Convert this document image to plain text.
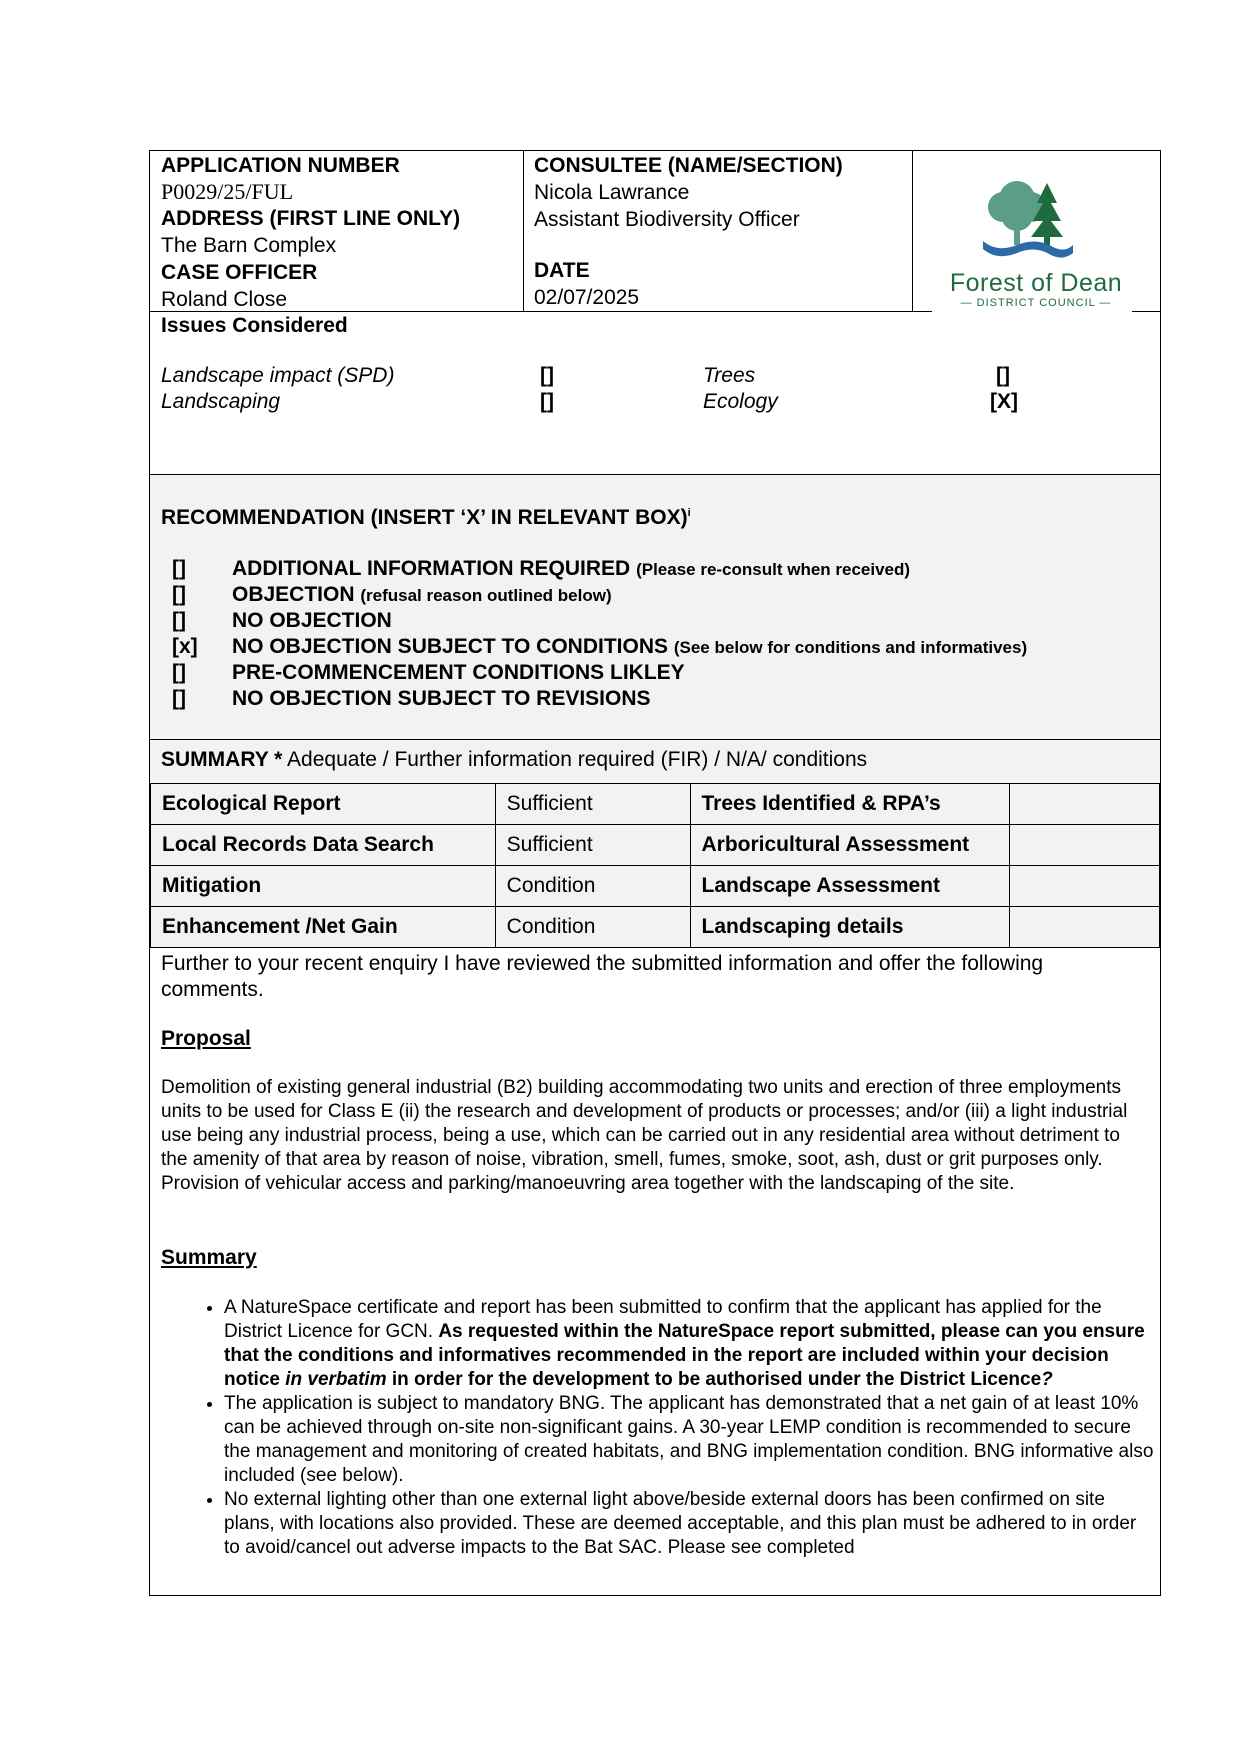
APPLICATION NUMBER
P0029/25/FUL
ADDRESS (FIRST LINE ONLY)
The Barn Complex
CASE OFFICER
Roland Close
CONSULTEE (NAME/SECTION)
Nicola Lawrance
Assistant Biodiversity Officer
DATE
02/07/2025
Forest of Dean
— DISTRICT COUNCIL —
Issues Considered
Landscape impact (SPD)	[]	Trees	[]
Landscaping	[]	Ecology	[X]
RECOMMENDATION (INSERT ‘X’ IN RELEVANT BOX)$^i$
[] ADDITIONAL INFORMATION REQUIRED (Please re-consult when received)
[] OBJECTION (refusal reason outlined below)
[] NO OBJECTION
[x] NO OBJECTION SUBJECT TO CONDITIONS (See below for conditions and informatives)
[] PRE-COMMENCEMENT CONDITIONS LIKLEY
[] NO OBJECTION SUBJECT TO REVISIONS
SUMMARY * Adequate / Further information required (FIR) / N/A/ conditions
Ecological Report	Sufficient	Trees Identified & RPA’s	
Local Records Data Search	Sufficient	Arboricultural Assessment	
Mitigation	Condition	Landscape Assessment	
Enhancement /Net Gain	Condition	Landscaping details	
Further to your recent enquiry I have reviewed the submitted information and offer the following comments.
Proposal
Demolition of existing general industrial (B2) building accommodating two units and erection of three employments units to be used for Class E (ii) the research and development of products or processes; and/or (iii) a light industrial use being any industrial process, being a use, which can be carried out in any residential area without detriment to the amenity of that area by reason of noise, vibration, smell, fumes, smoke, soot, ash, dust or grit purposes only. Provision of vehicular access and parking/manoeuvring area together with the landscaping of the site.
Summary
• A NatureSpace certificate and report has been submitted to confirm that the applicant has applied for the District Licence for GCN. As requested within the NatureSpace report submitted, please can you ensure that the conditions and informatives recommended in the report are included within your decision notice in verbatim in order for the development to be authorised under the District Licence?
• The application is subject to mandatory BNG. The applicant has demonstrated that a net gain of at least 10% can be achieved through on-site non-significant gains. A 30-year LEMP condition is recommended to secure the management and monitoring of created habitats, and BNG implementation condition. BNG informative also included (see below).
• No external lighting other than one external light above/beside external doors has been confirmed on site plans, with locations also provided. These are deemed acceptable, and this plan must be adhered to in order to avoid/cancel out adverse impacts to the Bat SAC. Please see completed
